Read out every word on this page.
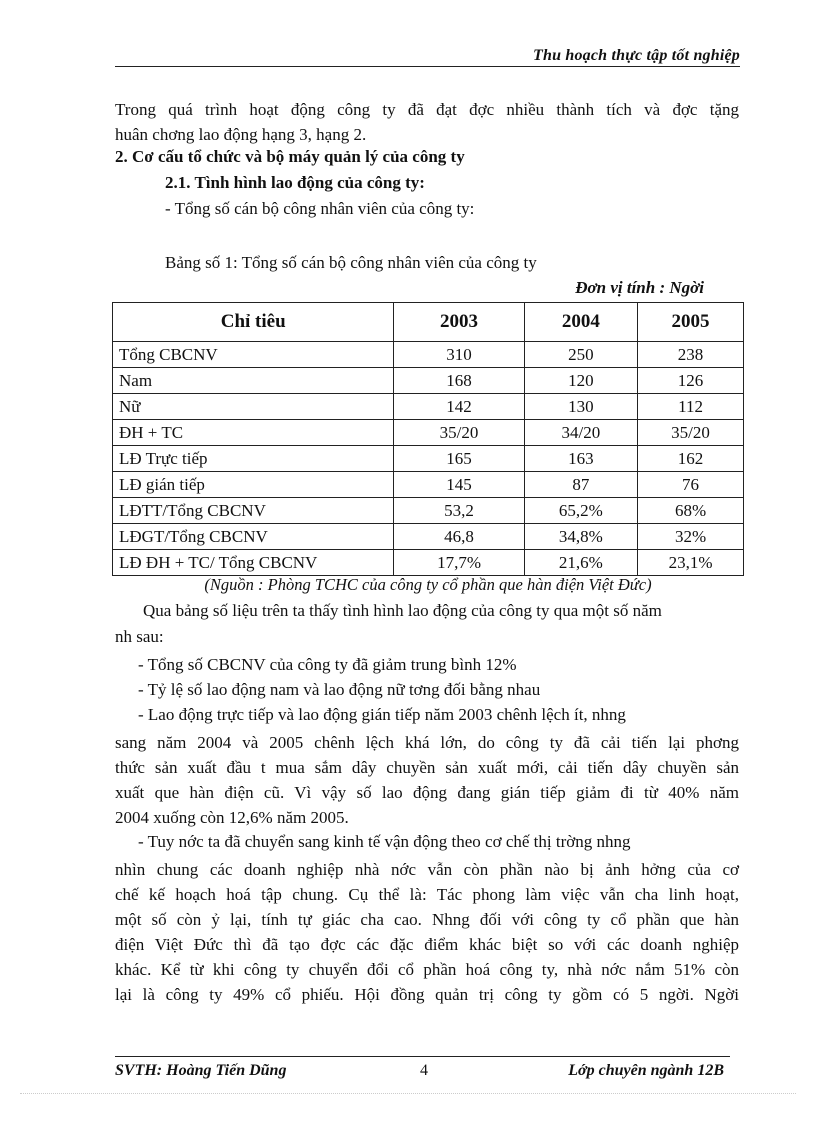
Thu hoạch thực tập tốt nghiệp
Trong quá trình hoạt động công ty đã đạt đợc nhiều thành tích và đợc tặng
huân chơng lao động hạng 3, hạng 2.
2. Cơ cấu tổ chức và bộ máy quản lý của công ty
2.1. Tình hình lao động của công ty:
- Tổng số cán bộ công nhân viên của công ty:
Bảng số 1: Tổng số cán bộ công nhân viên của công ty
Đơn vị tính : Ngời
Chỉ tiêu	2003	2004	2005
Tổng CBCNV	310	250	238
Nam	168	120	126
Nữ	142	130	112
ĐH + TC	35/20	34/20	35/20
LĐ Trực tiếp	165	163	162
LĐ gián tiếp	145	87	76
LĐTT/Tổng CBCNV	53,2	65,2%	68%
LĐGT/Tổng CBCNV	46,8	34,8%	32%
LĐ ĐH + TC/ Tổng CBCNV	17,7%	21,6%	23,1%
(Nguồn : Phòng TCHC của công ty cổ phần que hàn điện Việt Đức)
Qua bảng số liệu trên ta thấy tình hình lao động của công ty qua một số năm
nh sau:
- Tổng số CBCNV của công ty đã giảm trung bình 12%
- Tỷ lệ số lao động nam và lao động nữ tơng đối bằng nhau
- Lao động trực tiếp và lao động gián tiếp năm 2003 chênh lệch ít, nhng
sang năm 2004 và 2005 chênh lệch khá lớn, do công ty đã cải tiến lại phơng
thức sản xuất đầu t mua sắm dây chuyền sản xuất mới, cải tiến dây chuyền sản
xuất que hàn điện cũ. Vì vậy số lao động đang gián tiếp giảm đi từ 40% năm
2004 xuống còn 12,6% năm 2005.
- Tuy nớc ta đã chuyển sang kinh tế vận động theo cơ chế thị trờng nhng
nhìn chung các doanh nghiệp nhà nớc vẫn còn phần nào bị ảnh hởng của cơ
chế kế hoạch hoá tập chung. Cụ thể là: Tác phong làm việc vẫn cha linh hoạt,
một số còn ỷ lại, tính tự giác cha cao. Nhng đối với công ty cổ phần que hàn
điện Việt Đức thì đã tạo đợc các đặc điểm khác biệt so với các doanh nghiệp
khác. Kể từ khi công ty chuyển đổi cổ phần hoá công ty, nhà nớc nắm 51% còn
lại là công ty 49% cổ phiếu. Hội đồng quản trị công ty gồm có 5 ngời. Ngời
SVTH: Hoàng Tiến Dũng	4	Lớp chuyên ngành 12B
